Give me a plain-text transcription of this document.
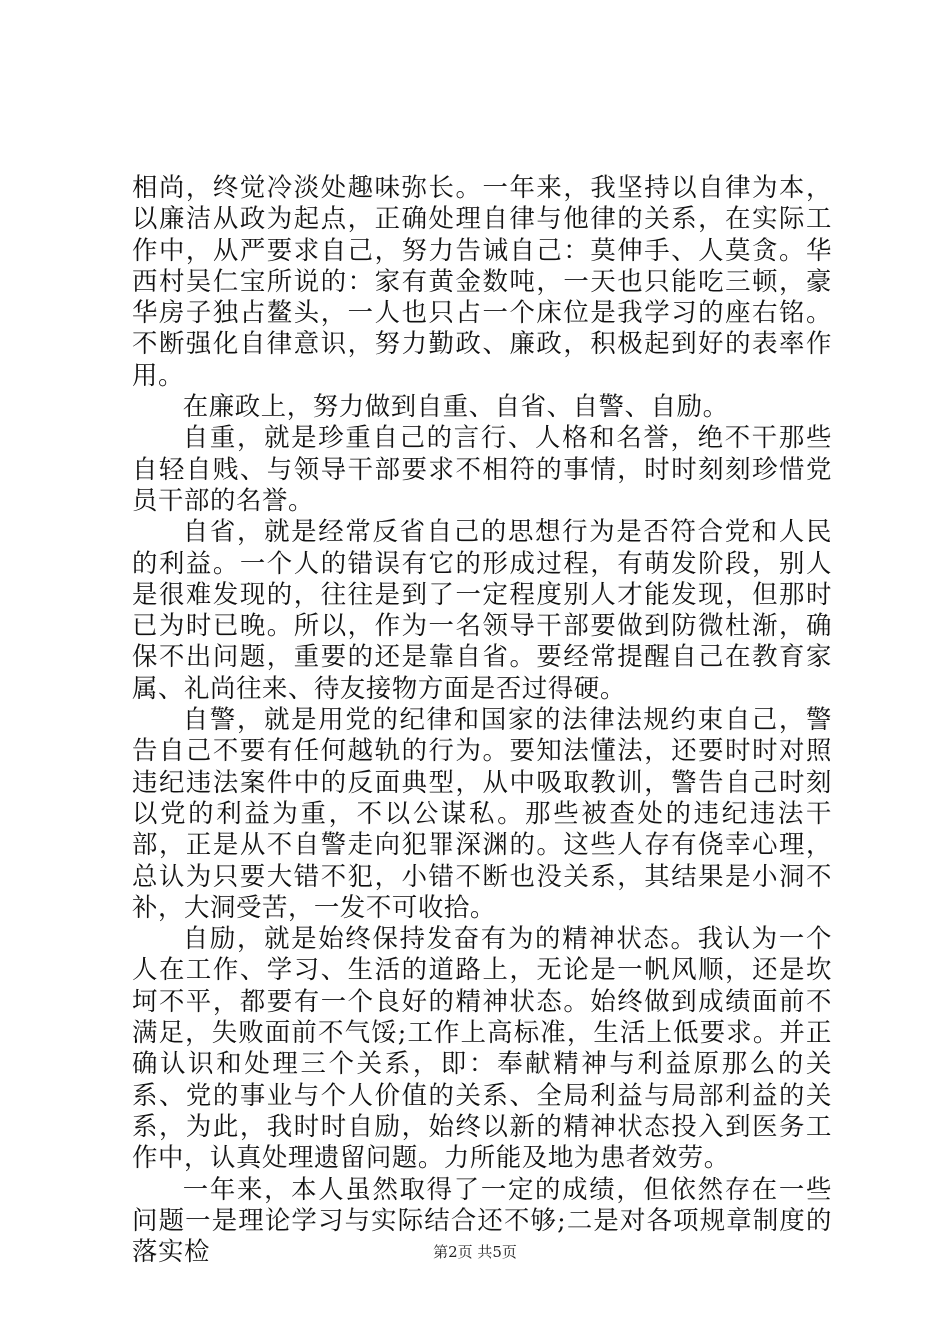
相尚，终觉冷淡处趣味弥长。一年来，我坚持以自律为本，以廉洁从政为起点，正确处理自律与他律的关系，在实际工作中，从严要求自己，努力告诫自己：莫伸手、人莫贪。华西村吴仁宝所说的：家有黄金数吨，一天也只能吃三顿，豪华房子独占鳌头，一人也只占一个床位是我学习的座右铭。不断强化自律意识，努力勤政、廉政，积极起到好的表率作用。

在廉政上，努力做到自重、自省、自警、自励。

自重，就是珍重自己的言行、人格和名誉，绝不干那些自轻自贱、与领导干部要求不相符的事情，时时刻刻珍惜党员干部的名誉。

自省，就是经常反省自己的思想行为是否符合党和人民的利益。一个人的错误有它的形成过程，有萌发阶段，别人是很难发现的，往往是到了一定程度别人才能发现，但那时已为时已晚。所以，作为一名领导干部要做到防微杜渐，确保不出问题，重要的还是靠自省。要经常提醒自己在教育家属、礼尚往来、待友接物方面是否过得硬。

自警，就是用党的纪律和国家的法律法规约束自己，警告自己不要有任何越轨的行为。要知法懂法，还要时时对照违纪违法案件中的反面典型，从中吸取教训，警告自己时刻以党的利益为重，不以公谋私。那些被查处的违纪违法干部，正是从不自警走向犯罪深渊的。这些人存有侥幸心理，总认为只要大错不犯，小错不断也没关系，其结果是小洞不补，大洞受苦，一发不可收拾。

自励，就是始终保持发奋有为的精神状态。我认为一个人在工作、学习、生活的道路上，无论是一帆风顺，还是坎坷不平，都要有一个良好的精神状态。始终做到成绩面前不满足，失败面前不气馁;工作上高标准，生活上低要求。并正确认识和处理三个关系，即：奉献精神与利益原那么的关系、党的事业与个人价值的关系、全局利益与局部利益的关系，为此，我时时自励，始终以新的精神状态投入到医务工作中，认真处理遗留问题。力所能及地为患者效劳。

一年来，本人虽然取得了一定的成绩，但依然存在一些问题一是理论学习与实际结合还不够;二是对各项规章制度的落实检	第2页 共5页
